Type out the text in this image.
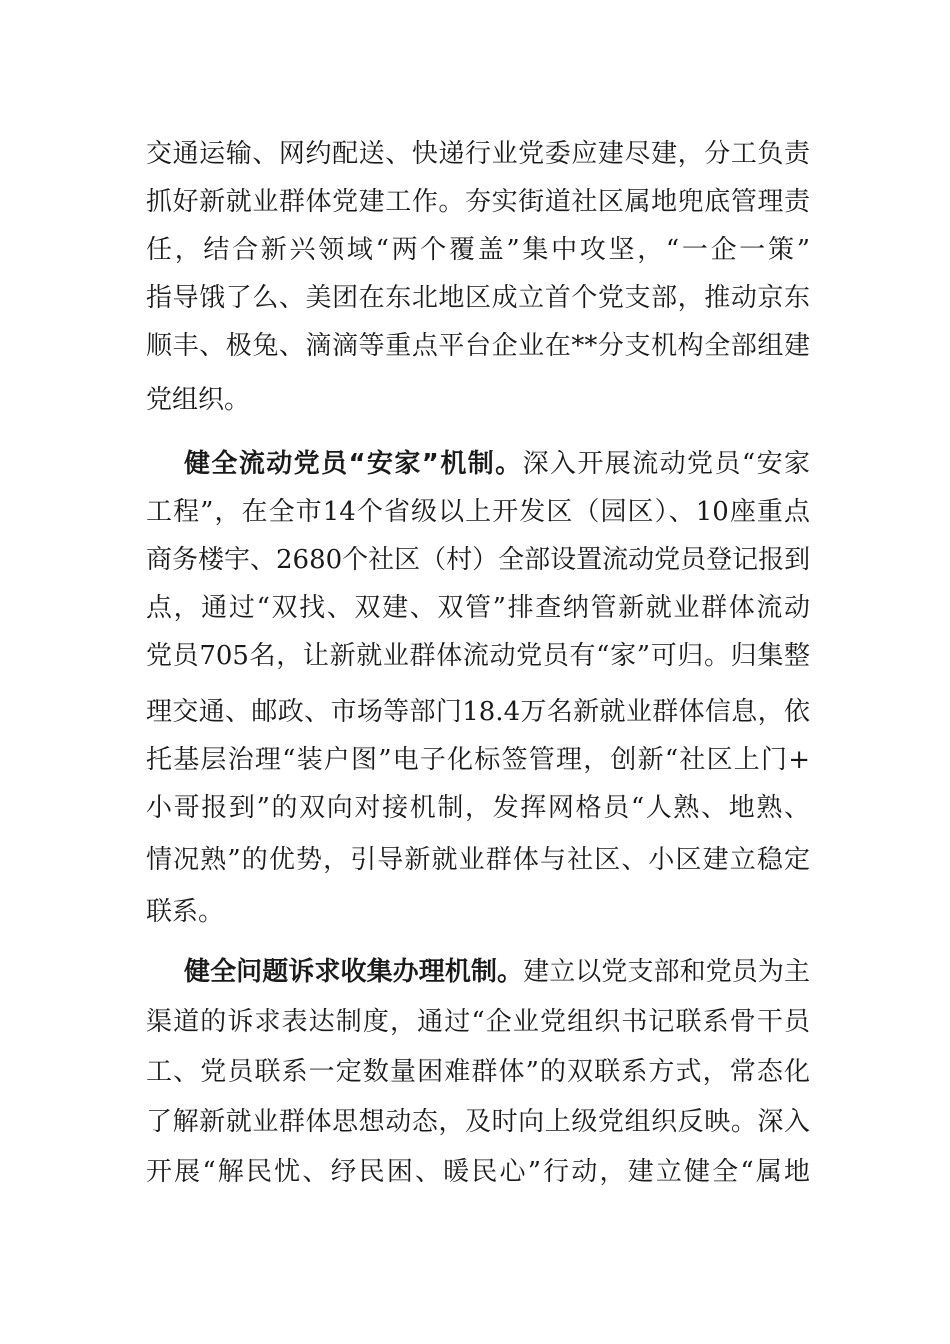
交通运输、网约配送、快递行业党委应建尽建，分工负责
抓好新就业群体党建工作。夯实街道社区属地兜底管理责
任，结合新兴领域“两个覆盖”集中攻坚，“一企一策”
指导饿了么、美团在东北地区成立首个党支部，推动京东
顺丰、极兔、滴滴等重点平台企业在**分支机构全部组建
党组织。
健全流动党员“安家”机制。深入开展流动党员“安家
工程”，在全市14个省级以上开发区（园区）、10座重点
商务楼宇、2680个社区（村）全部设置流动党员登记报到
点，通过“双找、双建、双管”排查纳管新就业群体流动
党员705名，让新就业群体流动党员有“家”可归。归集整
理交通、邮政、市场等部门18.4万名新就业群体信息，依
托基层治理“装户图”电子化标签管理，创新“社区上门+
小哥报到”的双向对接机制，发挥网格员“人熟、地熟、
情况熟”的优势，引导新就业群体与社区、小区建立稳定
联系。
健全问题诉求收集办理机制。建立以党支部和党员为主
渠道的诉求表达制度，通过“企业党组织书记联系骨干员
工、党员联系一定数量困难群体”的双联系方式，常态化
了解新就业群体思想动态，及时向上级党组织反映。深入
开展“解民忧、纾民困、暖民心”行动，建立健全“属地
